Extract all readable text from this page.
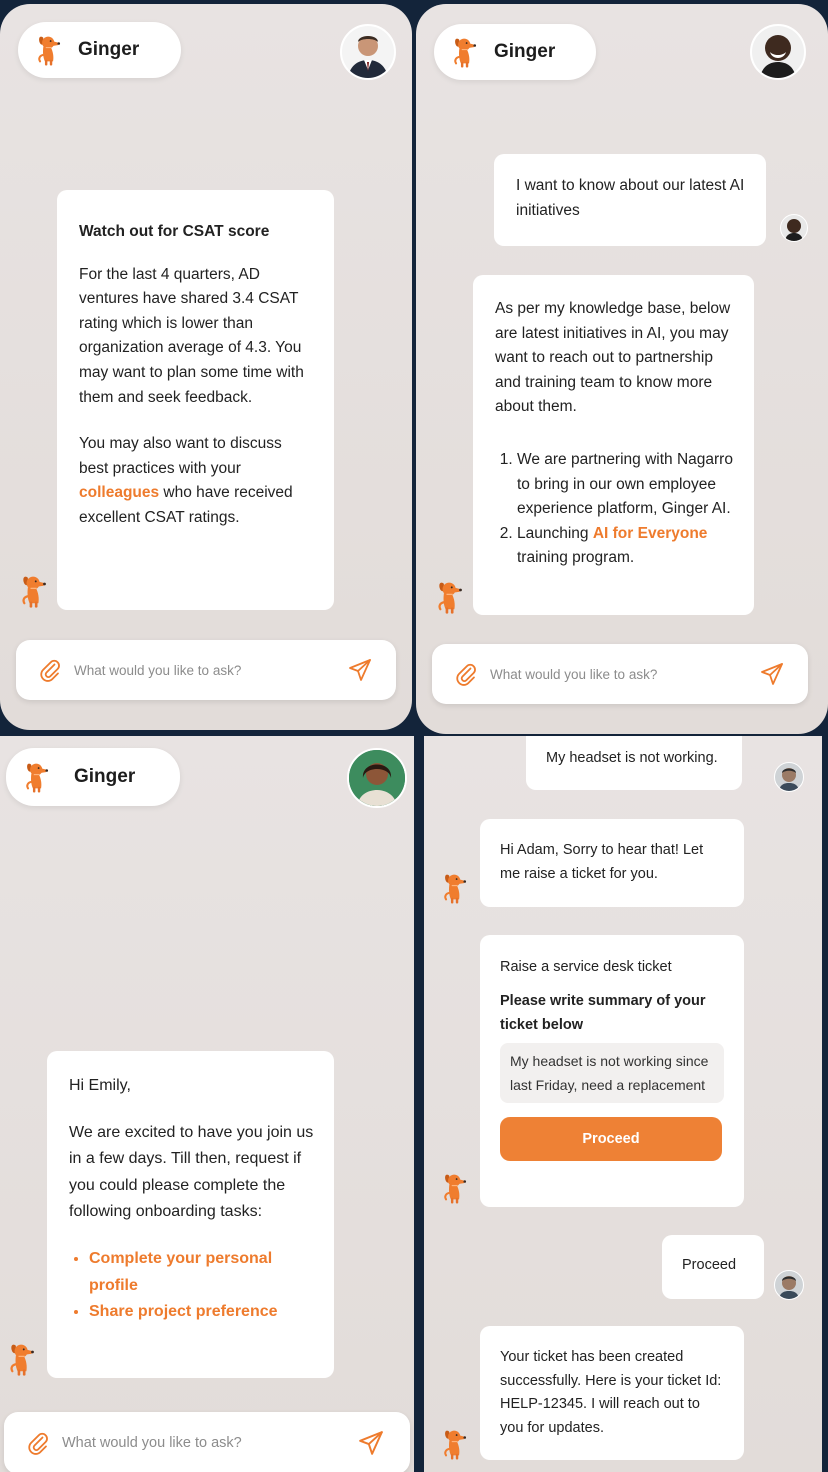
Ginger

Watch out for CSAT score

For the last 4 quarters, AD ventures have shared 3.4 CSAT rating which is lower than organization average of 4.3. You may want to plan some time with them and seek feedback.

You may also want to discuss best practices with your colleagues who have received excellent CSAT ratings.

What would you like to ask?
Ginger

I want to know about our latest AI initiatives

As per my knowledge base, below are latest initiatives in AI, you may want to reach out to partnership and training team to know more about them.

1. We are partnering with Nagarro to bring in our own employee experience platform, Ginger AI.
2. Launching AI for Everyone training program.
What would you like to ask?
Ginger

Hi Emily,

We are excited to have you join us in a few days. Till then, request if you could please complete the following onboarding tasks:

• Complete your personal profile
• Share project preference
What would you like to ask?
My headset is not working.
Hi Adam, Sorry to hear that! Let me raise a ticket for you.

Raise a service desk ticket

Please write summary of your ticket below

My headset is not working since last Friday, need a replacement
Proceed
Proceed
Your ticket has been created successfully. Here is your ticket Id: HELP-12345. I will reach out to you for updates.
